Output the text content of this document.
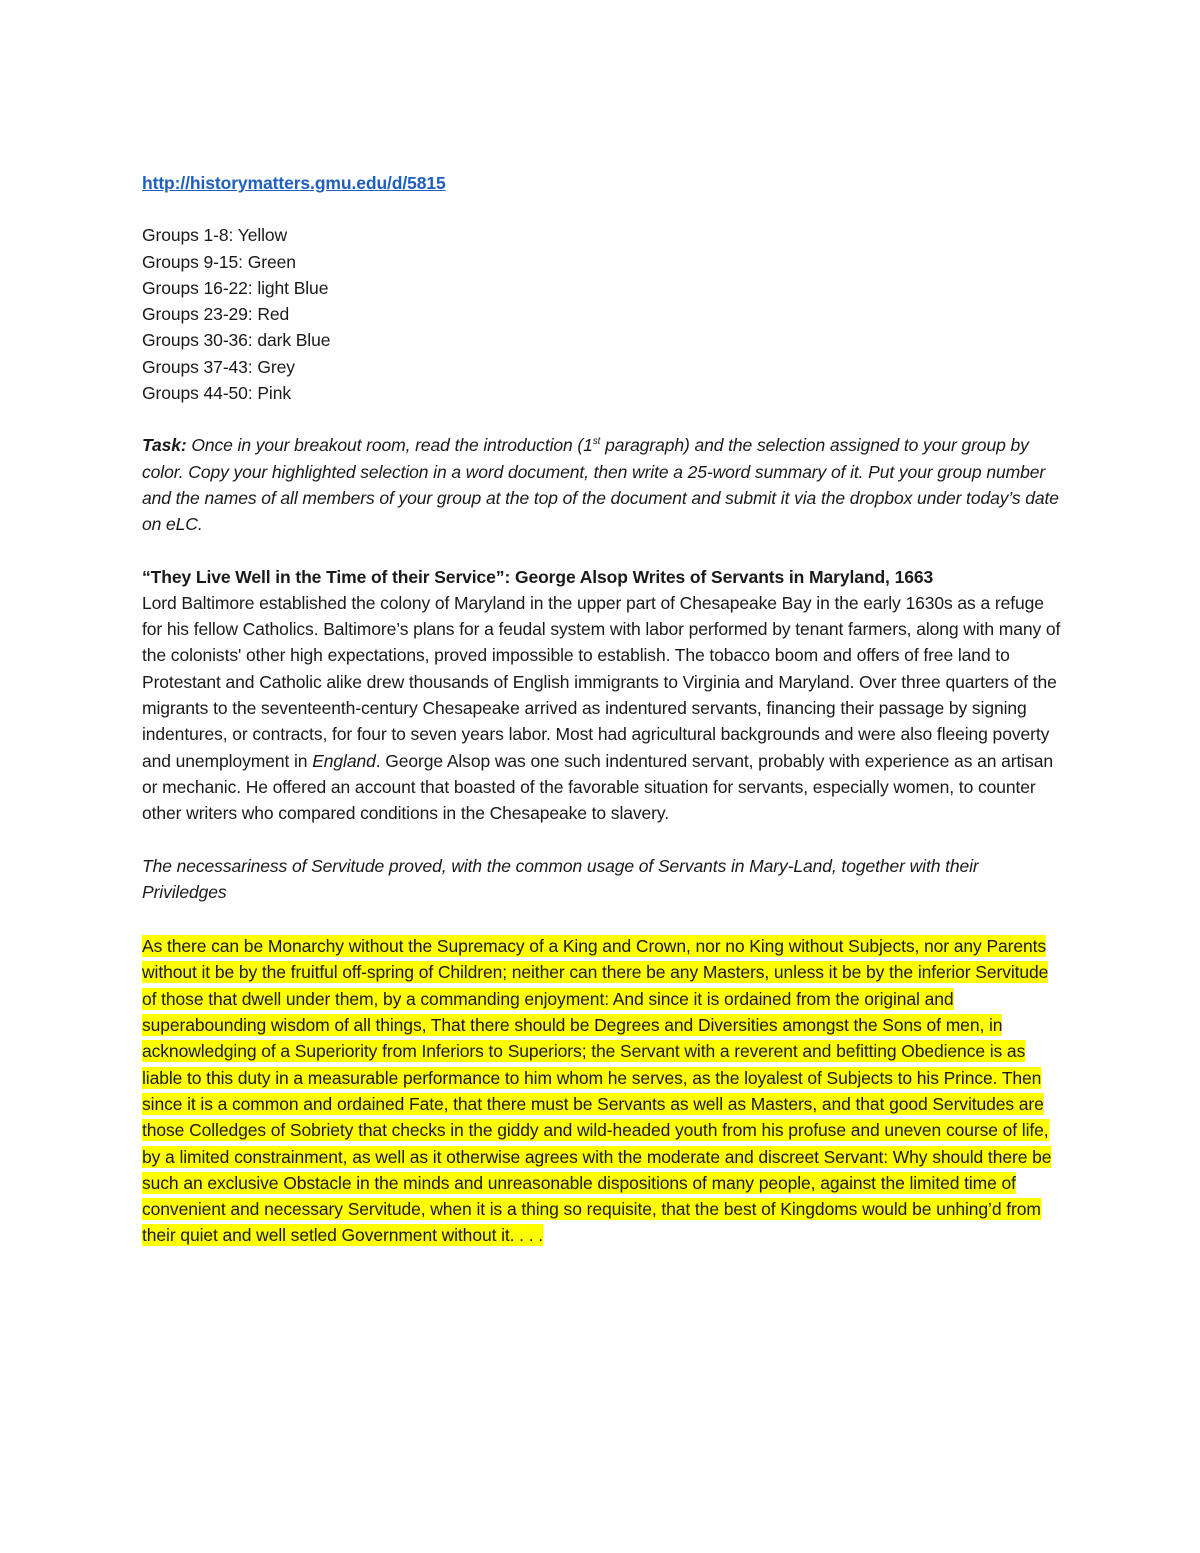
http://historymatters.gmu.edu/d/5815
Groups 1-8: Yellow
Groups 9-15: Green
Groups 16-22: light Blue
Groups 23-29: Red
Groups 30-36: dark Blue
Groups 37-43: Grey
Groups 44-50: Pink

Task: Once in your breakout room, read the introduction (1st paragraph) and the selection assigned to your group by color. Copy your highlighted selection in a word document, then write a 25-word summary of it. Put your group number and the names of all members of your group at the top of the document and submit it via the dropbox under today’s date on eLC.

“They Live Well in the Time of their Service”: George Alsop Writes of Servants in Maryland, 1663

Lord Baltimore established the colony of Maryland in the upper part of Chesapeake Bay in the early 1630s as a refuge for his fellow Catholics. Baltimore’s plans for a feudal system with labor performed by tenant farmers, along with many of the colonists' other high expectations, proved impossible to establish. The tobacco boom and offers of free land to Protestant and Catholic alike drew thousands of English immigrants to Virginia and Maryland. Over three quarters of the migrants to the seventeenth-century Chesapeake arrived as indentured servants, financing their passage by signing indentures, or contracts, for four to seven years labor. Most had agricultural backgrounds and were also fleeing poverty and unemployment in England. George Alsop was one such indentured servant, probably with experience as an artisan or mechanic. He offered an account that boasted of the favorable situation for servants, especially women, to counter other writers who compared conditions in the Chesapeake to slavery.

The necessariness of Servitude proved, with the common usage of Servants in Mary-Land, together with their Priviledges

As there can be Monarchy without the Supremacy of a King and Crown, nor no King without Subjects, nor any Parents without it be by the fruitful off-spring of Children; neither can there be any Masters, unless it be by the inferior Servitude of those that dwell under them, by a commanding enjoyment: And since it is ordained from the original and superabounding wisdom of all things, That there should be Degrees and Diversities amongst the Sons of men, in acknowledging of a Superiority from Inferiors to Superiors; the Servant with a reverent and befitting Obedience is as liable to this duty in a measurable performance to him whom he serves, as the loyalest of Subjects to his Prince. Then since it is a common and ordained Fate, that there must be Servants as well as Masters, and that good Servitudes are those Colledges of Sobriety that checks in the giddy and wild-headed youth from his profuse and uneven course of life, by a limited constrainment, as well as it otherwise agrees with the moderate and discreet Servant: Why should there be such an exclusive Obstacle in the minds and unreasonable dispositions of many people, against the limited time of convenient and necessary Servitude, when it is a thing so requisite, that the best of Kingdoms would be unhing’d from their quiet and well setled Government without it. . . .
